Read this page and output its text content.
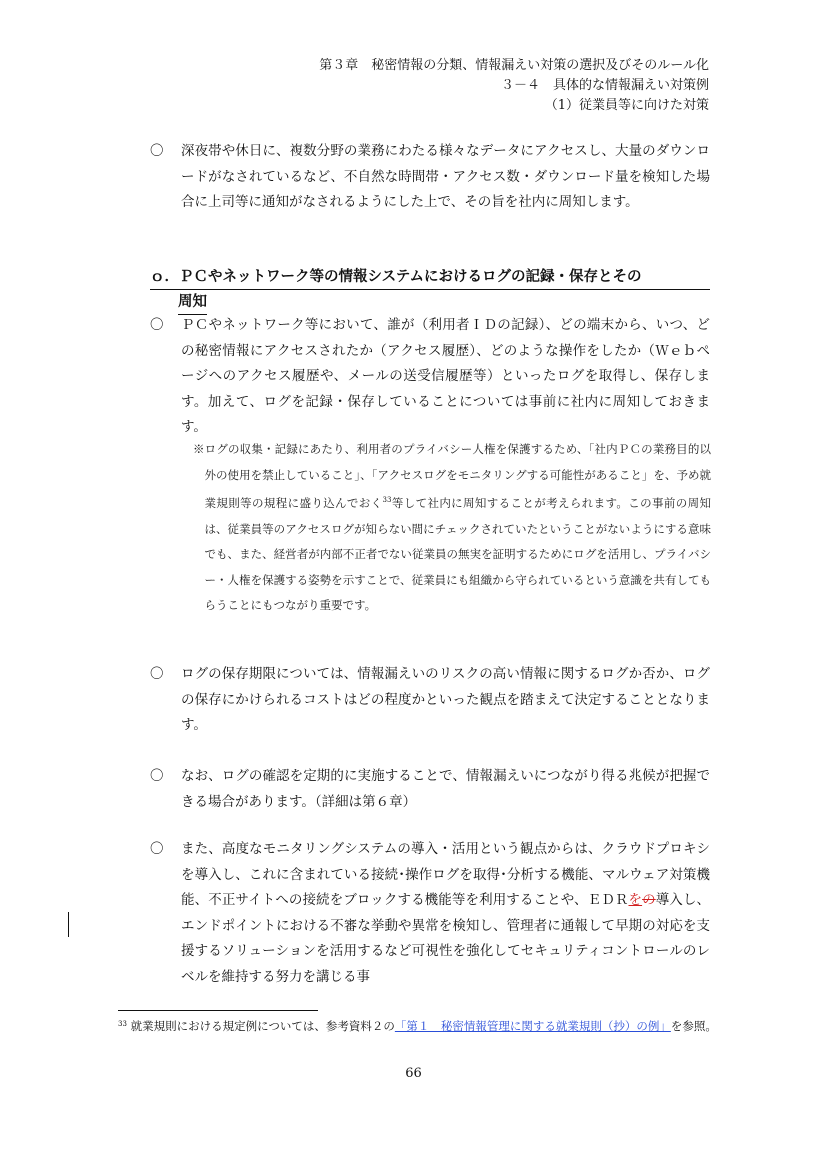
第３章　秘密情報の分類、情報漏えい対策の選択及びそのルール化
３－４　具体的な情報漏えい対策例
（1）従業員等に向けた対策
〇	深夜帯や休日に、複数分野の業務にわたる様々なデータにアクセスし、大量のダウンロードがなされているなど、不自然な時間帯・アクセス数・ダウンロード量を検知した場合に上司等に通知がなされるようにした上で、その旨を社内に周知します。
ｏ．ＰＣやネットワーク等の情報システムにおけるログの記録・保存とその
周知
〇	ＰＣやネットワーク等において、誰が（利用者ＩＤの記録）、どの端末から、いつ、どの秘密情報にアクセスされたか（アクセス履歴）、どのような操作をしたか（Ｗｅｂページへのアクセス履歴や、メールの送受信履歴等）といったログを取得し、保存します。加えて、ログを記録・保存していることについては事前に社内に周知しておきます。
※ログの収集・記録にあたり、利用者のプライバシー人権を保護するため、「社内ＰＣの業務目的以外の使用を禁止していること」、「アクセスログをモニタリングする可能性があること」を、予め就業規則等の規程に盛り込んでおく$^{33}$等して社内に周知することが考えられます。この事前の周知は、従業員等のアクセスログが知らない間にチェックされていたということがないようにする意味でも、また、経営者が内部不正者でない従業員の無実を証明するためにログを活用し、プライバシー・人権を保護する姿勢を示すことで、従業員にも組織から守られているという意識を共有してもらうことにもつながり重要です。
〇	ログの保存期限については、情報漏えいのリスクの高い情報に関するログか否か、ログの保存にかけられるコストはどの程度かといった観点を踏まえて決定することとなります。
〇	なお、ログの確認を定期的に実施することで、情報漏えいにつながり得る兆候が把握できる場合があります。（詳細は第６章）
〇	また、高度なモニタリングシステムの導入・活用という観点からは、クラウドプロキシを導入し、これに含まれている接続･操作ログを取得･分析する機能、マルウェア対策機能、不正サイトへの接続をブロックする機能等を利用することや、ＥＤＲをの導入し、エンドポイントにおける不審な挙動や異常を検知し、管理者に通報して早期の対応を支援するソリューションを活用するなど可視性を強化してセキュリティコントロールのレベルを維持する努力を講じる事
$^{33}$ 就業規則における規定例については、参考資料２の「第１　秘密情報管理に関する就業規則（抄）の例」を参照。
66
